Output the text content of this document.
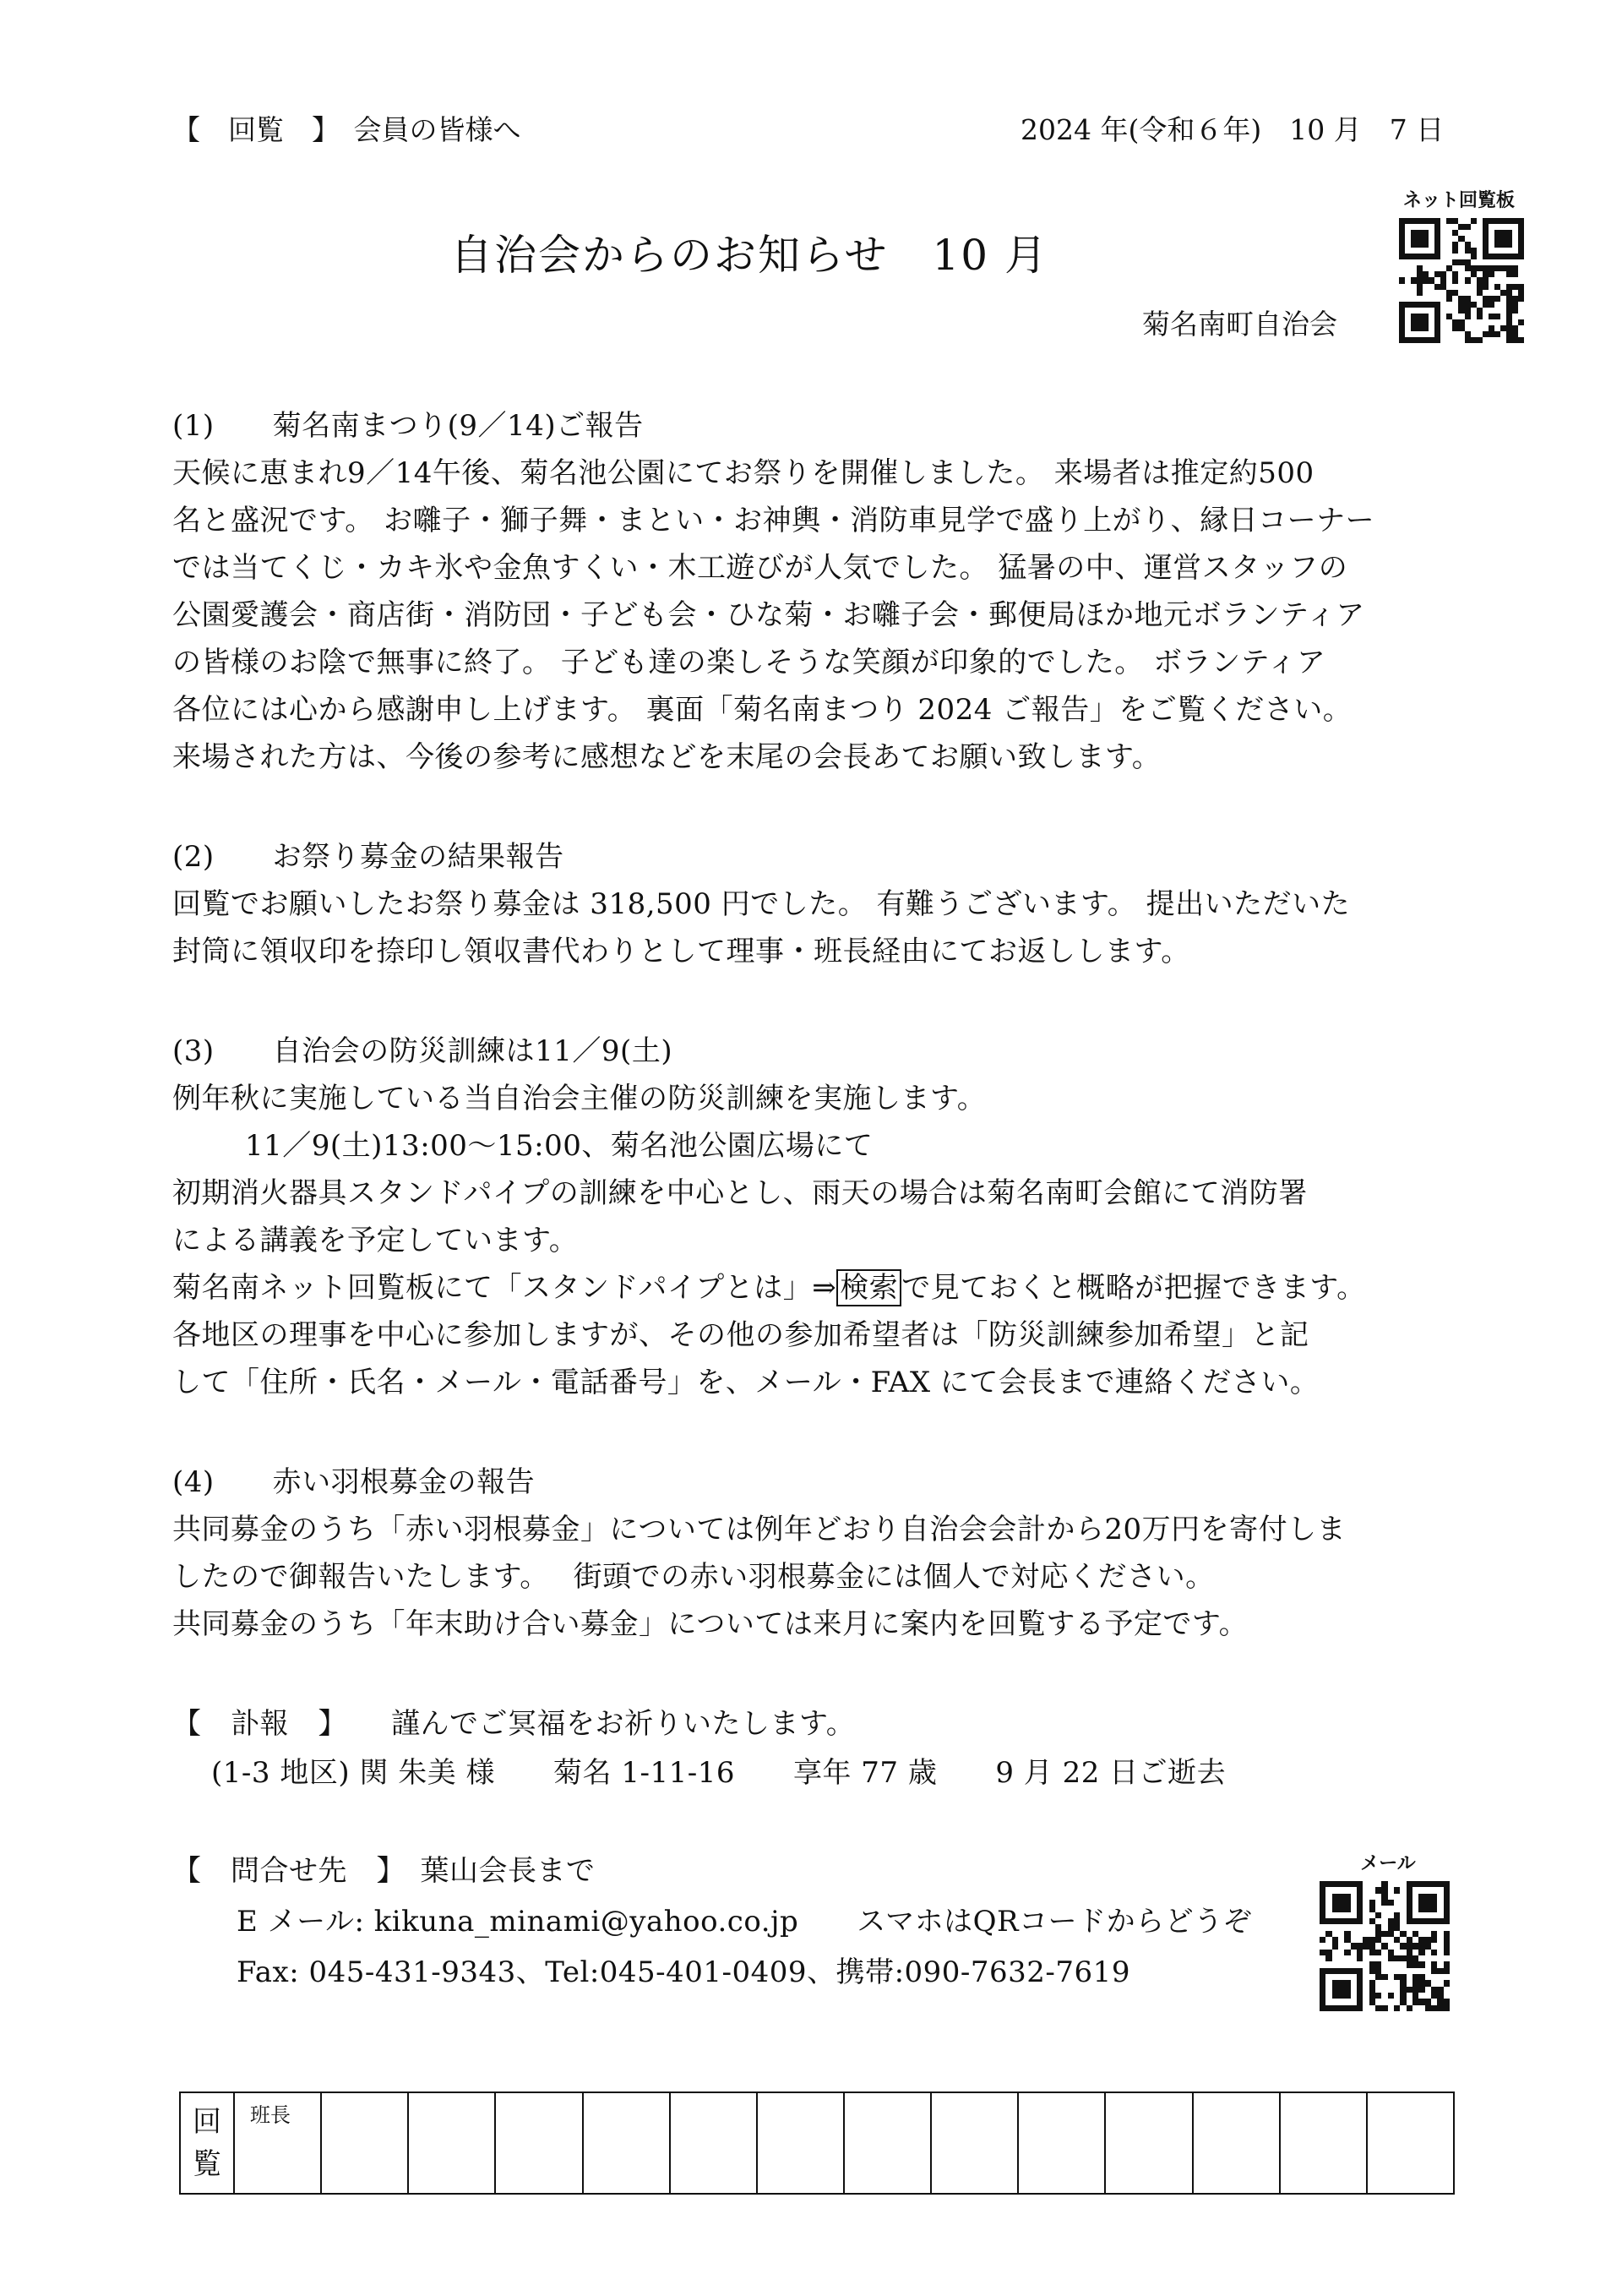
【　回覧　】　会員の皆様へ	2024 年(令和６年)　10 月　7 日
ネット回覧板
自治会からのお知らせ　10 月
菊名南町自治会
(1)　　菊名南まつり(9／14)ご報告
天候に恵まれ9／14午後、菊名池公園にてお祭りを開催しました。 来場者は推定約500
名と盛況です。 お囃子・獅子舞・まとい・お神輿・消防車見学で盛り上がり、縁日コーナー
では当てくじ・カキ氷や金魚すくい・木工遊びが人気でした。 猛暑の中、運営スタッフの
公園愛護会・商店街・消防団・子ども会・ひな菊・お囃子会・郵便局ほか地元ボランティア
の皆様のお陰で無事に終了。 子ども達の楽しそうな笑顔が印象的でした。 ボランティア
各位には心から感謝申し上げます。 裏面「菊名南まつり 2024 ご報告」をご覧ください。
来場された方は、今後の参考に感想などを末尾の会長あてお願い致します。
(2)　　お祭り募金の結果報告
回覧でお願いしたお祭り募金は 318,500 円でした。 有難うございます。 提出いただいた
封筒に領収印を捺印し領収書代わりとして理事・班長経由にてお返しします。
(3)　　自治会の防災訓練は11／9(土)
例年秋に実施している当自治会主催の防災訓練を実施します。
11／9(土)13:00～15:00、菊名池公園広場にて
初期消火器具スタンドパイプの訓練を中心とし、雨天の場合は菊名南町会館にて消防署
による講義を予定しています。
菊名南ネット回覧板にて「スタンドパイプとは」⇒ 検索 で見ておくと概略が把握できます。
各地区の理事を中心に参加しますが、その他の参加希望者は「防災訓練参加希望」と記
して「住所・氏名・メール・電話番号」を、メール・FAX にて会長まで連絡ください。
(4)　　赤い羽根募金の報告
共同募金のうち「赤い羽根募金」については例年どおり自治会会計から20万円を寄付しま
したので御報告いたします。　 街頭での赤い羽根募金には個人で対応ください。
共同募金のうち「年末助け合い募金」については来月に案内を回覧する予定です。
【　訃報　】　　謹んでご冥福をお祈りいたします。
(1-3 地区) 関 朱美 様　　菊名 1-11-16　　享年 77 歳　　9 月 22 日ご逝去
【　問合せ先　】　葉山会長まで
E メール: kikuna_minami@yahoo.co.jp　　スマホはQRコードからどうぞ
Fax: 045-431-9343、Tel:045-401-0409、携帯:090-7632-7619
メール
回
覧	班長													
